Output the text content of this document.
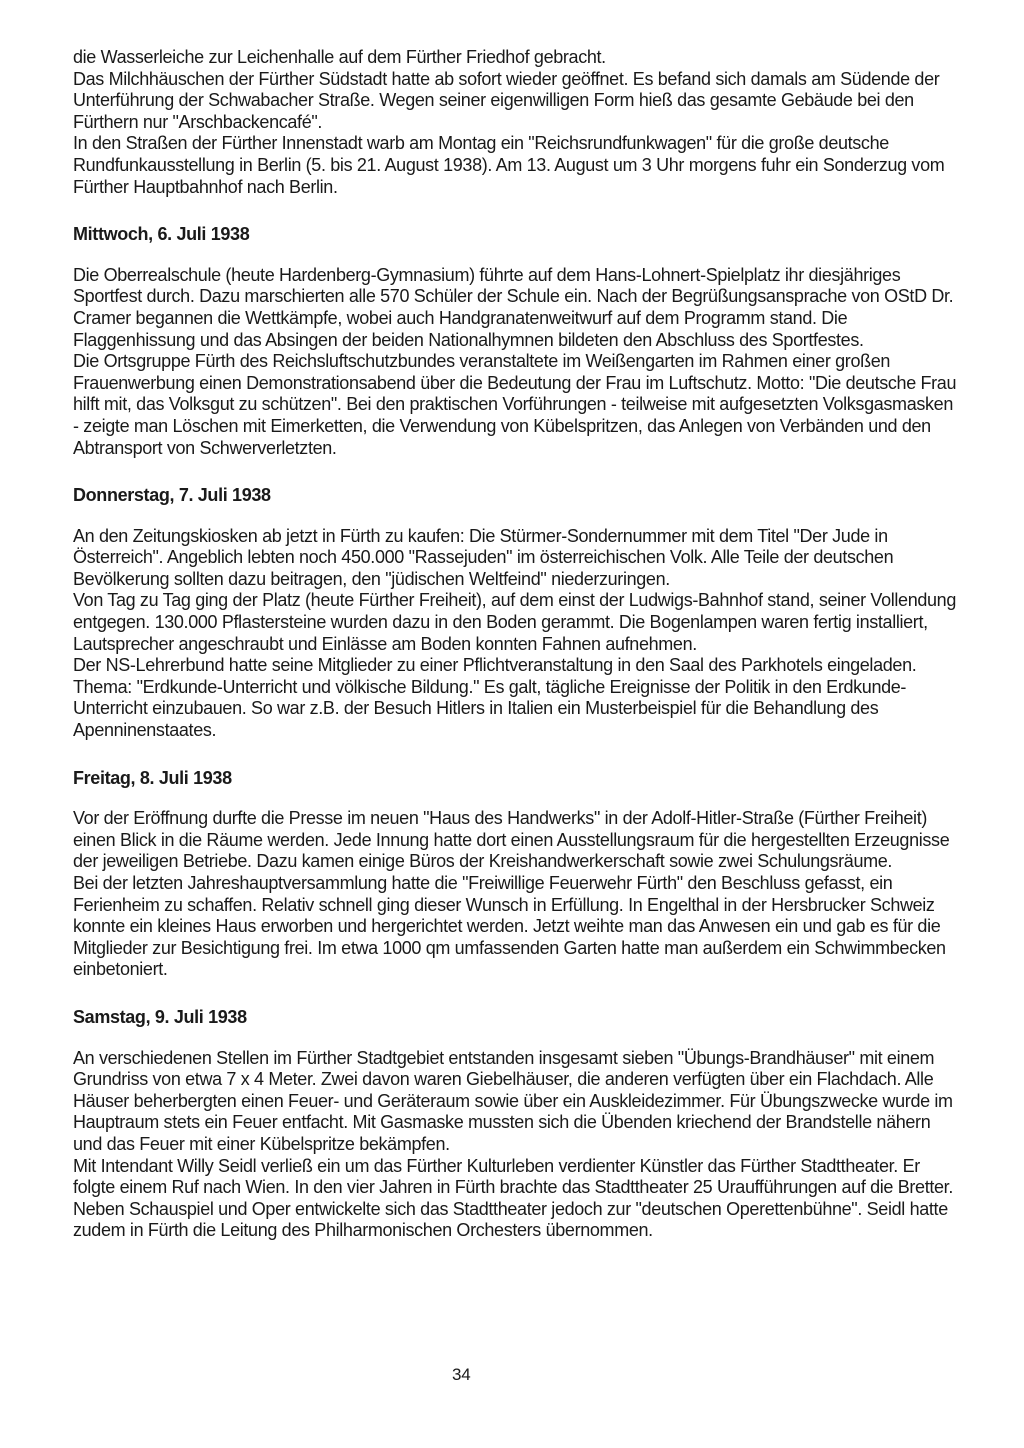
die Wasserleiche zur Leichenhalle auf dem Fürther Friedhof gebracht.

Das Milchhäuschen der Fürther Südstadt hatte ab sofort wieder geöffnet. Es befand sich damals am Südende der Unterführung der Schwabacher Straße. Wegen seiner eigenwilligen Form hieß das gesamte Gebäude bei den Fürthern nur "Arschbackencafé".

In den Straßen der Fürther Innenstadt warb am Montag ein "Reichsrundfunkwagen" für die große deutsche Rundfunkausstellung in Berlin (5. bis 21. August 1938). Am 13. August um 3 Uhr morgens fuhr ein Sonderzug vom Fürther Hauptbahnhof nach Berlin.

Mittwoch, 6. Juli 1938

Die Oberrealschule (heute Hardenberg-Gymnasium) führte auf dem Hans-Lohnert-Spielplatz ihr diesjähriges Sportfest durch. Dazu marschierten alle 570 Schüler der Schule ein. Nach der Begrüßungsansprache von OStD Dr. Cramer begannen die Wettkämpfe, wobei auch Handgranatenweitwurf auf dem Programm stand. Die Flaggenhissung und das Absingen der beiden Nationalhymnen bildeten den Abschluss des Sportfestes.

Die Ortsgruppe Fürth des Reichsluftschutzbundes veranstaltete im Weißengarten im Rahmen einer großen Frauenwerbung einen Demonstrationsabend über die Bedeutung der Frau im Luftschutz. Motto: "Die deutsche Frau hilft mit, das Volksgut zu schützen". Bei den praktischen Vorführungen - teilweise mit aufgesetzten Volksgasmasken - zeigte man Löschen mit Eimerketten, die Verwendung von Kübelspritzen, das Anlegen von Verbänden und den Abtransport von Schwerverletzten.

Donnerstag, 7. Juli 1938

An den Zeitungskiosken ab jetzt in Fürth zu kaufen: Die Stürmer-Sondernummer mit dem Titel "Der Jude in Österreich". Angeblich lebten noch 450.000 "Rassejuden" im österreichischen Volk. Alle Teile der deutschen Bevölkerung sollten dazu beitragen, den "jüdischen Weltfeind" niederzuringen.

Von Tag zu Tag ging der Platz (heute Fürther Freiheit), auf dem einst der Ludwigs-Bahnhof stand, seiner Vollendung entgegen. 130.000 Pflastersteine wurden dazu in den Boden gerammt. Die Bogenlampen waren fertig installiert, Lautsprecher angeschraubt und Einlässe am Boden konnten Fahnen aufnehmen.

Der NS-Lehrerbund hatte seine Mitglieder zu einer Pflichtveranstaltung in den Saal des Parkhotels eingeladen. Thema: "Erdkunde-Unterricht und völkische Bildung." Es galt, tägliche Ereignisse der Politik in den Erdkunde-Unterricht einzubauen. So war z.B. der Besuch Hitlers in Italien ein Musterbeispiel für die Behandlung des Apenninenstaates.

Freitag, 8. Juli 1938

Vor der Eröffnung durfte die Presse im neuen "Haus des Handwerks" in der Adolf-Hitler-Straße (Fürther Freiheit) einen Blick in die Räume werden. Jede Innung hatte dort einen Ausstellungsraum für die hergestellten Erzeugnisse der jeweiligen Betriebe. Dazu kamen einige Büros der Kreishandwerkerschaft sowie zwei Schulungsräume.

Bei der letzten Jahreshauptversammlung hatte die "Freiwillige Feuerwehr Fürth" den Beschluss gefasst, ein Ferienheim zu schaffen. Relativ schnell ging dieser Wunsch in Erfüllung. In Engelthal in der Hersbrucker Schweiz konnte ein kleines Haus erworben und hergerichtet werden. Jetzt weihte man das Anwesen ein und gab es für die Mitglieder zur Besichtigung frei. Im etwa 1000 qm umfassenden Garten hatte man außerdem ein Schwimmbecken einbetoniert.

Samstag, 9. Juli 1938

An verschiedenen Stellen im Fürther Stadtgebiet entstanden insgesamt sieben "Übungs-Brandhäuser" mit einem Grundriss von etwa 7 x 4 Meter. Zwei davon waren Giebelhäuser, die anderen verfügten über ein Flachdach. Alle Häuser beherbergten einen Feuer- und Geräteraum sowie über ein Auskleidezimmer. Für Übungszwecke wurde im Hauptraum stets ein Feuer entfacht. Mit Gasmaske mussten sich die Übenden kriechend der Brandstelle nähern und das Feuer mit einer Kübelspritze bekämpfen.

Mit Intendant Willy Seidl verließ ein um das Fürther Kulturleben verdienter Künstler das Fürther Stadttheater. Er folgte einem Ruf nach Wien. In den vier Jahren in Fürth brachte das Stadttheater 25 Uraufführungen auf die Bretter. Neben Schauspiel und Oper entwickelte sich das Stadttheater jedoch zur "deutschen Operettenbühne". Seidl hatte zudem in Fürth die Leitung des Philharmonischen Orchesters übernommen.

34
